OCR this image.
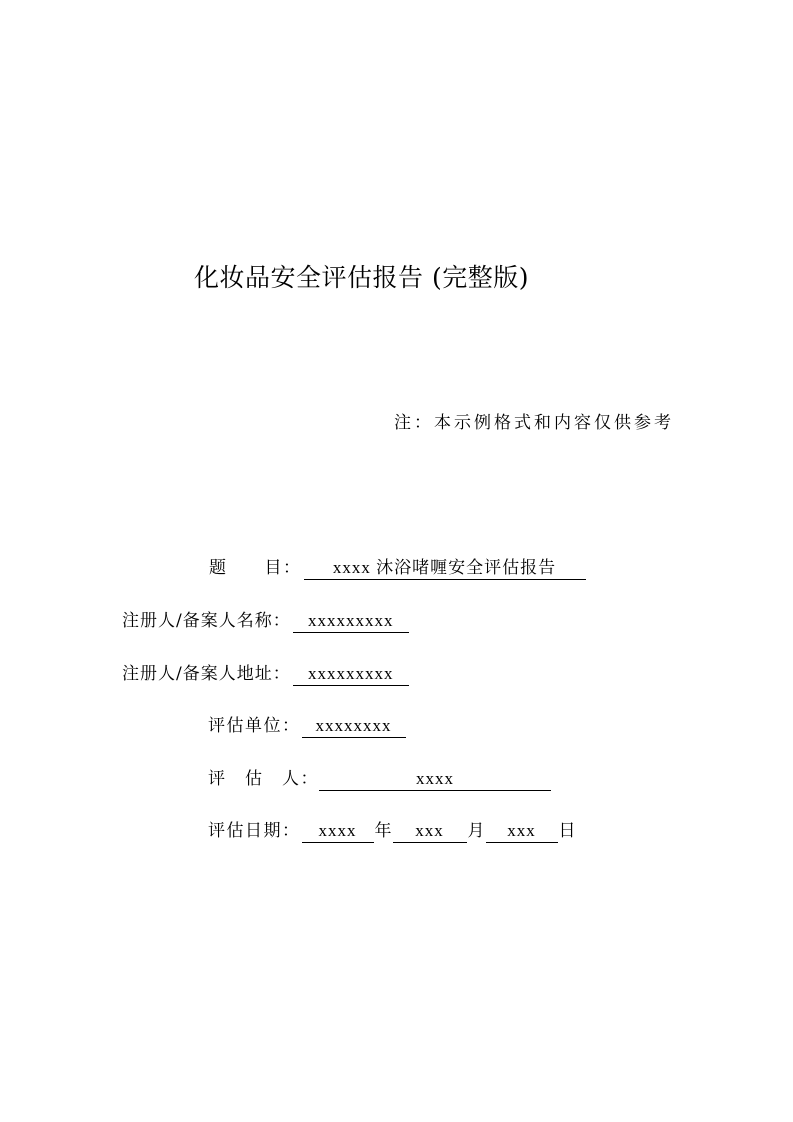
化妆品安全评估报告 (完整版)
注：本示例格式和内容仅供参考
题　　目：	xxxx 沐浴啫喱安全评估报告
注册人/备案人名称：	xxxxxxxxx
注册人/备案人地址：	xxxxxxxxx
评估单位： xxxxxxxx
评　估　人：	xxxx
评估日期：	xxxx	年	xxx	月	xxx	日
